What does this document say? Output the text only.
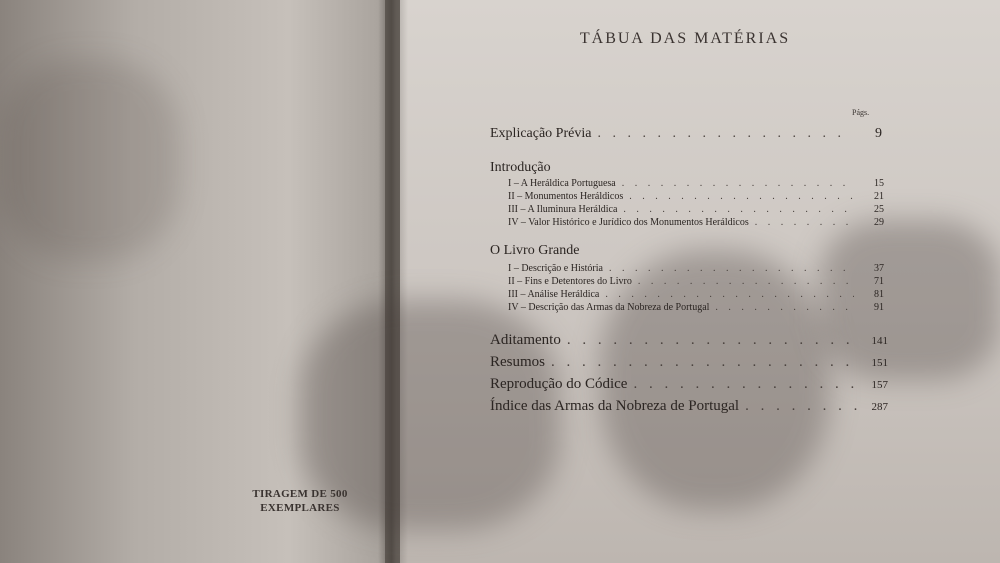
TIRAGEM DE 500
EXEMPLARES
TÁBUA DAS MATÉRIAS
Págs.
Explicação Prévia . . .	9
Introdução
I – A Heráldica Portuguesa . . .	15
II – Monumentos Heráldicos . . .	21
III – A Iluminura Heráldica . . .	25
IV – Valor Histórico e Jurídico dos Monumentos Heráldicos . . .	29
O Livro Grande
I – Descrição e História . . .	37
II – Fins e Detentores do Livro . . .	71
III – Análise Heráldica . . .	81
IV – Descrição das Armas da Nobreza de Portugal . . .	91
Aditamento . . .	141
Resumos . . .	151
Reprodução do Códice . . .	157
Índice das Armas da Nobreza de Portugal . . .	287
